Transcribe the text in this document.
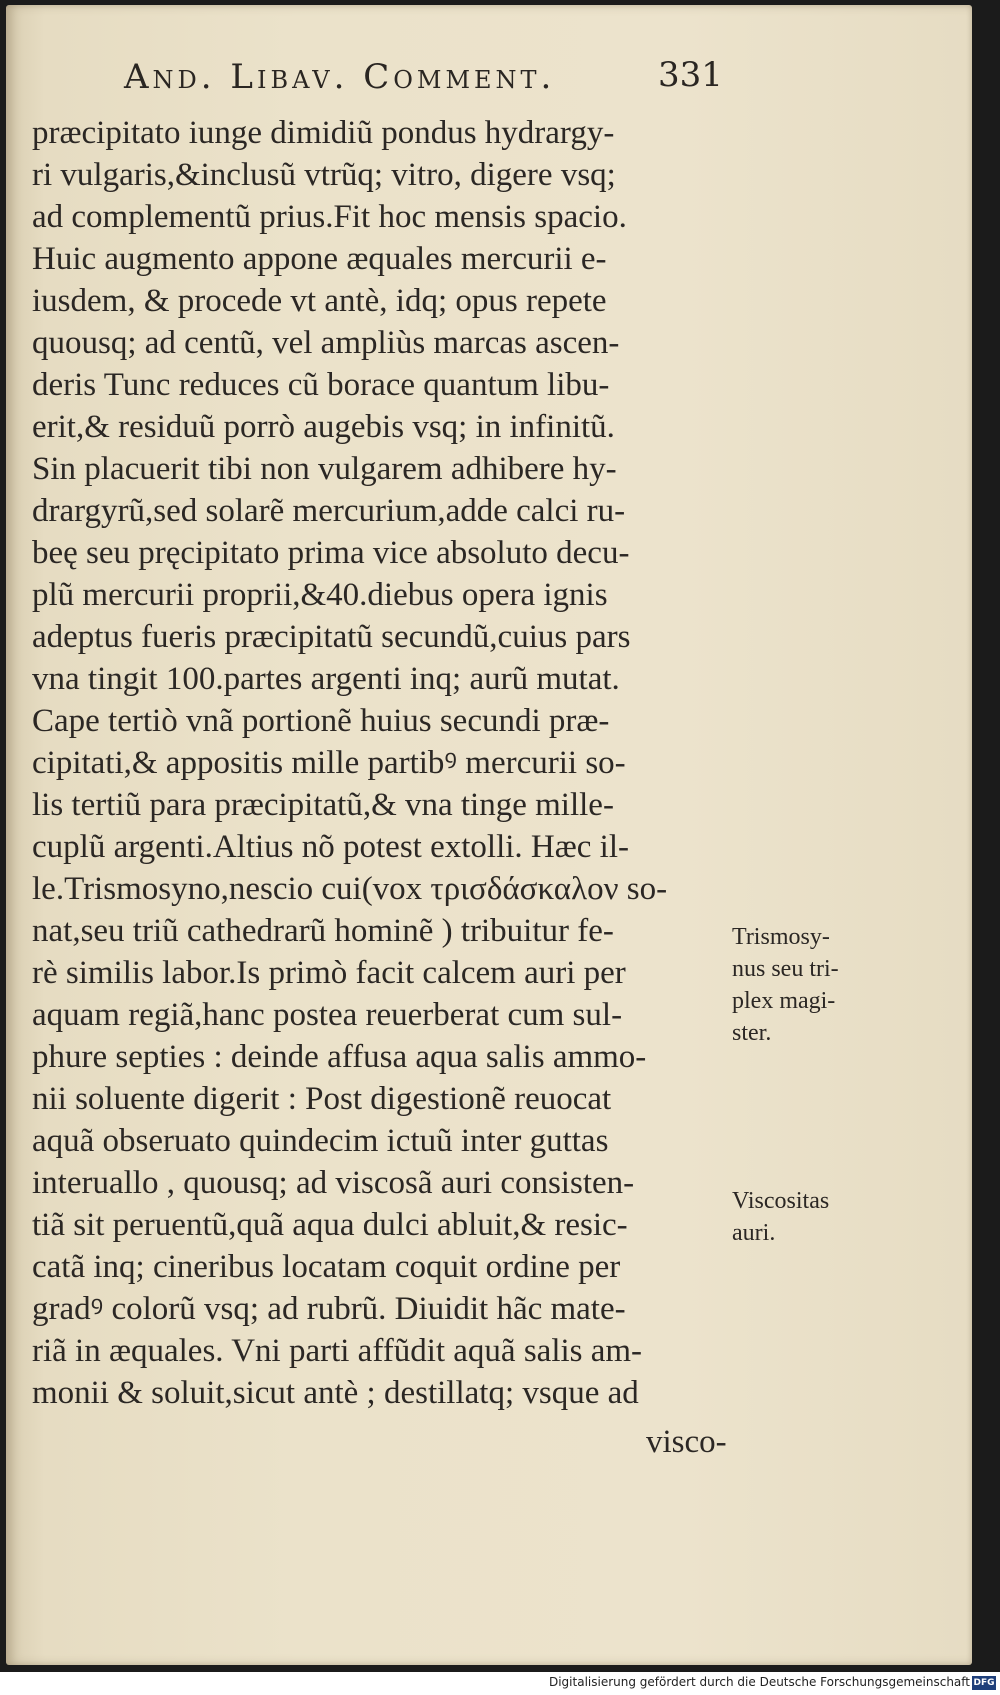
And. Libav. Comment.	331
præcipitato iunge dimidiũ pondus hydrargy-
ri vulgaris,&inclusũ vtrũq; vitro, digere vsq;
ad complementũ prius.Fit hoc mensis spacio.
Huic augmento appone æquales mercurii e-
iusdem, & procede vt antè, idq; opus repete
quousq; ad centũ, vel ampliùs marcas ascen-
deris Tunc reduces cũ borace quantum libu-
erit,& residuũ porrò augebis vsq; in infinitũ.
Sin placuerit tibi non vulgarem adhibere hy-
drargyrũ,sed solarẽ mercurium,adde calci ru-
beę seu pręcipitato prima vice absoluto decu-
plũ mercurii proprii,&40.diebus opera ignis
adeptus fueris præcipitatũ secundũ,cuius pars
vna tingit 100.partes argenti inq; aurũ mutat.
Cape tertiò vnã portionẽ huius secundi præ-
cipitati,& appositis mille partibꝰ mercurii so-
lis tertiũ para præcipitatũ,& vna tinge mille-
cuplũ argenti.Altius nõ potest extolli. Hæc il-
le.Trismosyno,nescio cui(vox τρισδάσκαλον so-
nat,seu triũ cathedrarũ hominẽ ) tribuitur fe-
rè similis labor.Is primò facit calcem auri per
aquam regiã,hanc postea reuerberat cum sul-
phure septies : deinde affusa aqua salis ammo-
nii soluente digerit : Post digestionẽ reuocat
aquã obseruato quindecim ictuũ inter guttas
interuallo , quousq; ad viscosã auri consisten-
tiã sit peruentũ,quã aqua dulci abluit,& resic-
catã inq; cineribus locatam coquit ordine per
gradꝰ colorũ vsq; ad rubrũ. Diuidit hãc mate-
riã in æquales. Vni parti affũdit aquã salis am-
monii & soluit,sicut antè ; destillatq; vsque ad
visco-
Trismosy-
nus seu tri-
plex magi-
ster.
Viscositas
auri.
Digitalisierung gefördert durch die Deutsche Forschungsgemeinschaft DFG
